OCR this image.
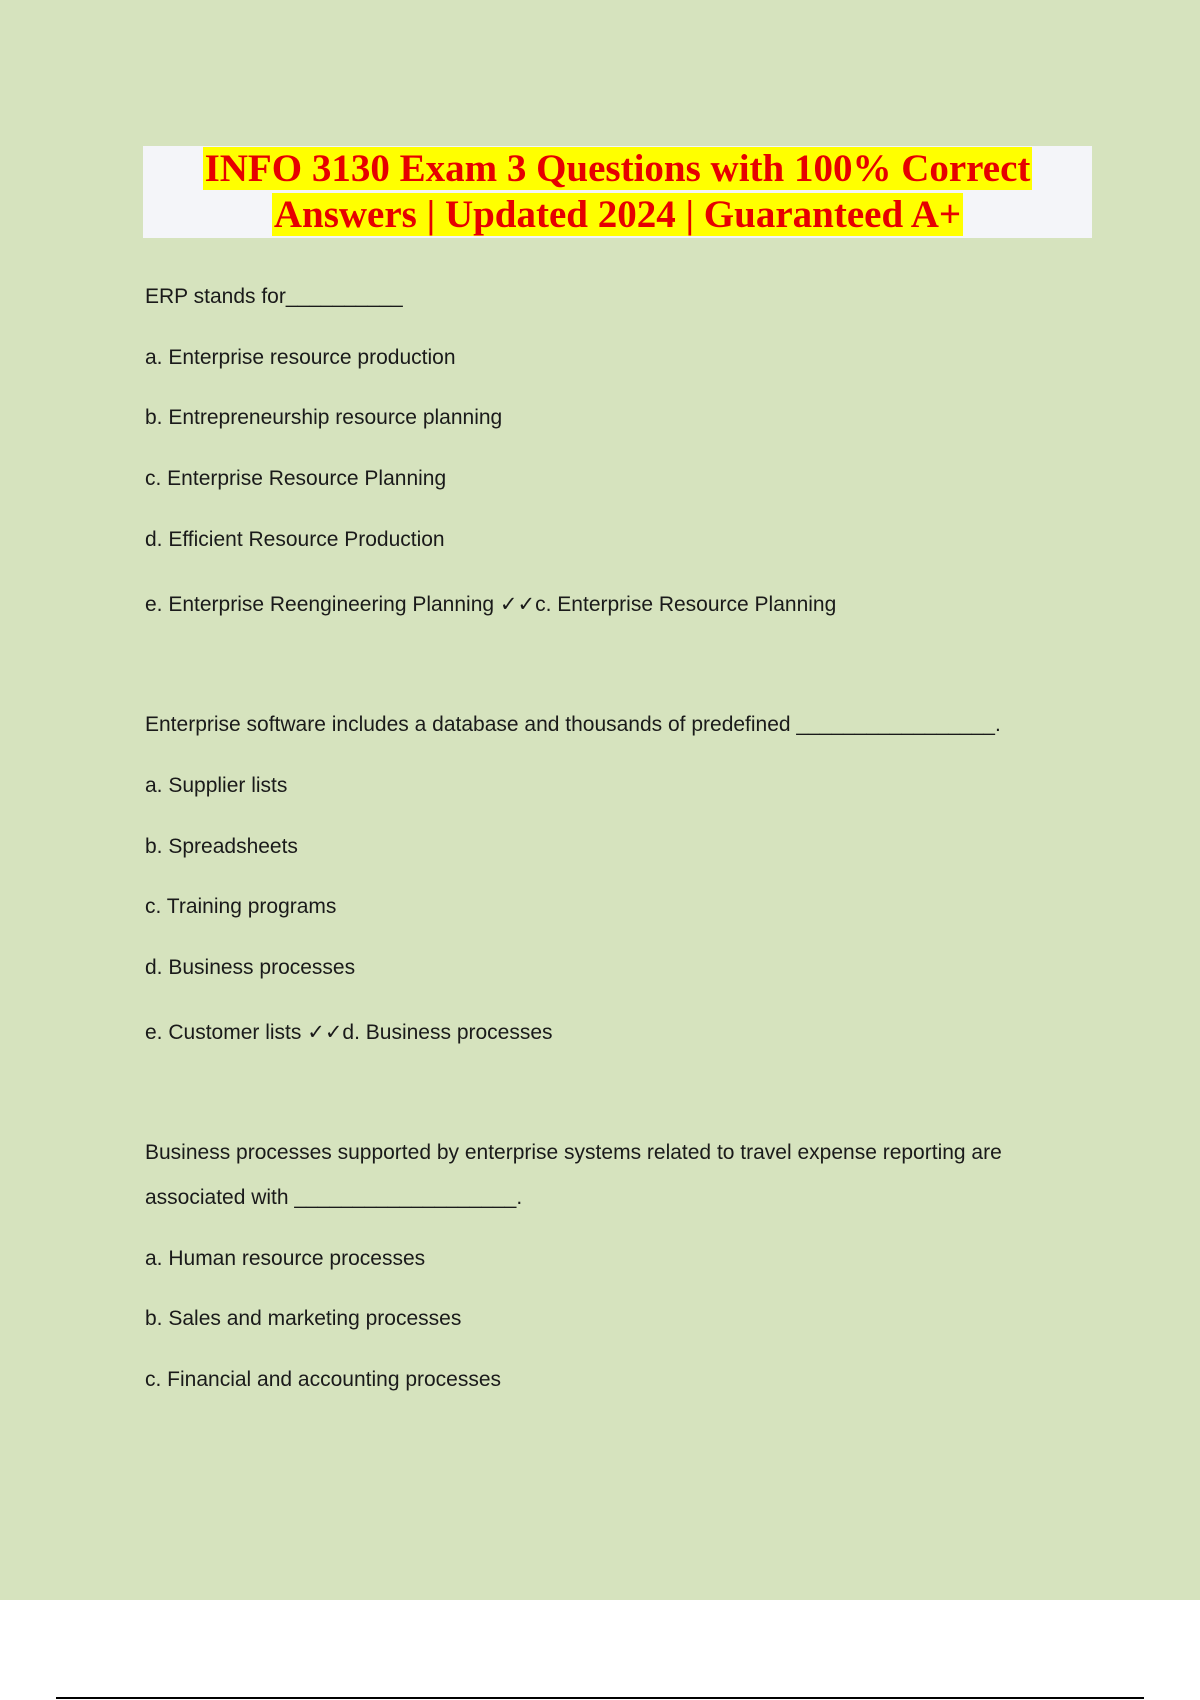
INFO 3130 Exam 3 Questions with 100% Correct
Answers | Updated 2024 | Guaranteed A+
ERP stands for__________
a. Enterprise resource production
b. Entrepreneurship resource planning
c. Enterprise Resource Planning
d. Efficient Resource Production
e. Enterprise Reengineering Planning ✓✓c. Enterprise Resource Planning
Enterprise software includes a database and thousands of predefined _________________.
a. Supplier lists
b. Spreadsheets
c. Training programs
d. Business processes
e. Customer lists ✓✓d. Business processes
Business processes supported by enterprise systems related to travel expense reporting are
associated with ___________________.
a. Human resource processes
b. Sales and marketing processes
c. Financial and accounting processes
